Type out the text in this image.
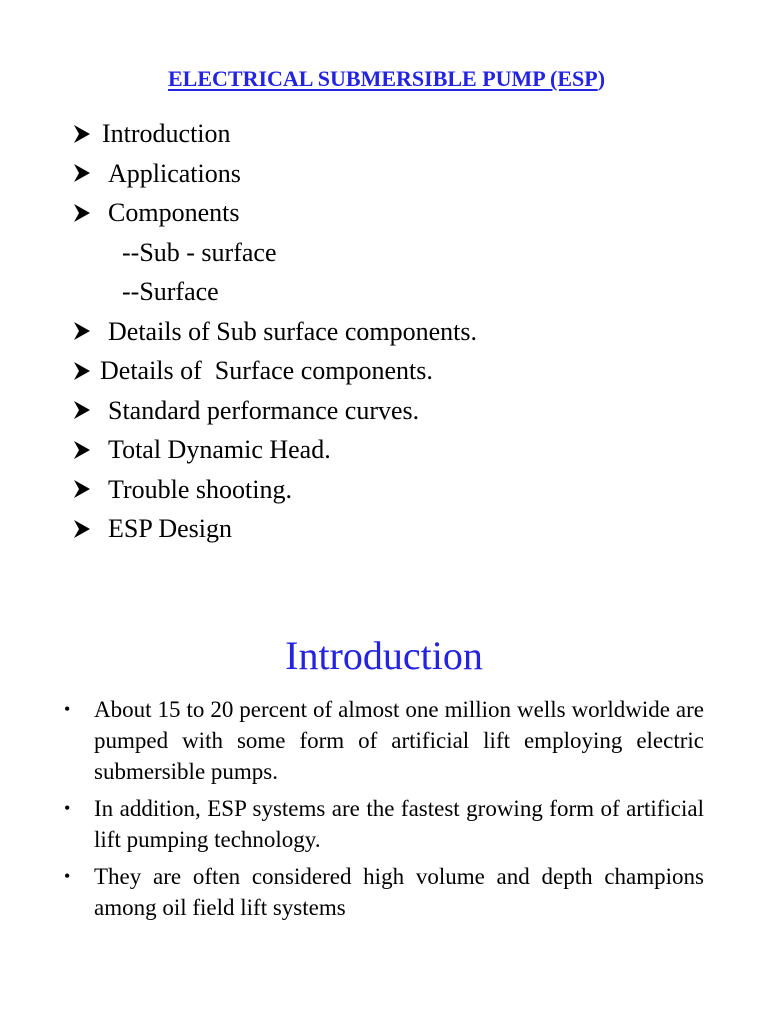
ELECTRICAL SUBMERSIBLE PUMP (ESP)
Introduction
Applications
Components
--Sub - surface
--Surface
Details of Sub surface components.
Details of  Surface components.
Standard performance curves.
Total Dynamic Head.
Trouble shooting.
ESP Design
Introduction
• About 15 to 20 percent of almost one million wells worldwide are pumped with some form of artificial lift employing electric submersible pumps.
• In addition, ESP systems are the fastest growing form of artificial lift pumping technology.
• They are often considered high volume and depth champions among oil field lift systems
